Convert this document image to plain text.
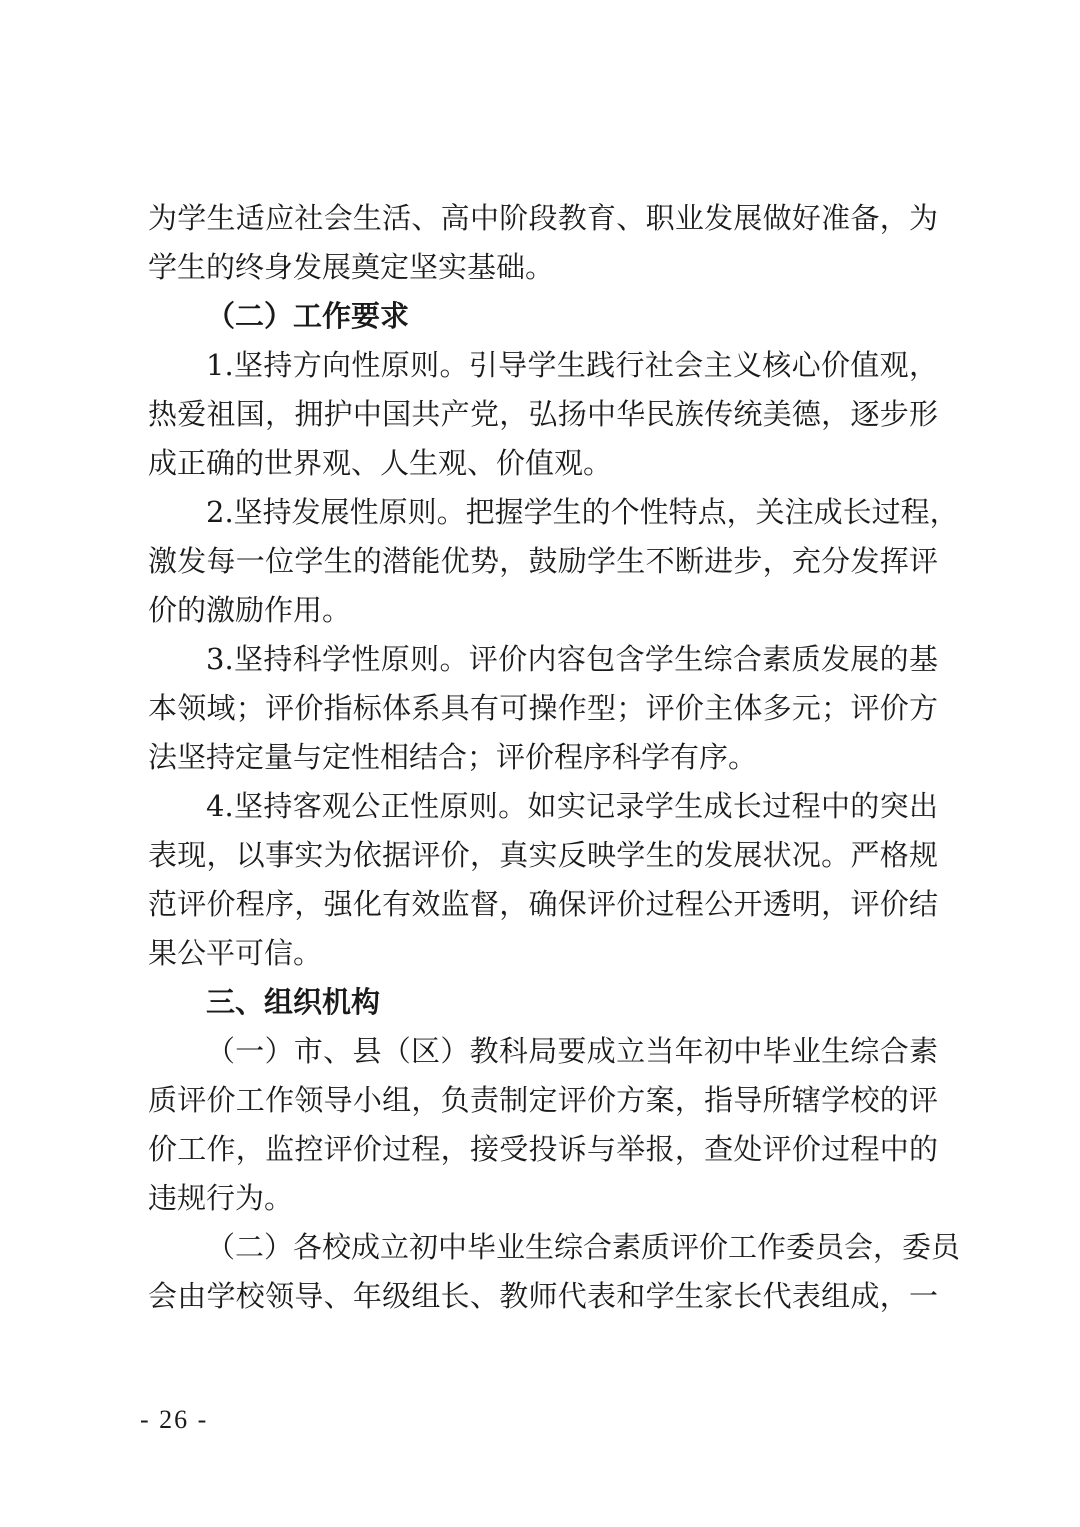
为学生适应社会生活、高中阶段教育、职业发展做好准备，为
学生的终身发展奠定坚实基础。
（二）工作要求
1.坚持方向性原则。引导学生践行社会主义核心价值观，
热爱祖国，拥护中国共产党，弘扬中华民族传统美德，逐步形
成正确的世界观、人生观、价值观。
2.坚持发展性原则。把握学生的个性特点，关注成长过程，
激发每一位学生的潜能优势，鼓励学生不断进步，充分发挥评
价的激励作用。
3.坚持科学性原则。评价内容包含学生综合素质发展的基
本领域；评价指标体系具有可操作型；评价主体多元；评价方
法坚持定量与定性相结合；评价程序科学有序。
4.坚持客观公正性原则。如实记录学生成长过程中的突出
表现，以事实为依据评价，真实反映学生的发展状况。严格规
范评价程序，强化有效监督，确保评价过程公开透明，评价结
果公平可信。
三、组织机构
（一）市、县（区）教科局要成立当年初中毕业生综合素
质评价工作领导小组，负责制定评价方案，指导所辖学校的评
价工作，监控评价过程，接受投诉与举报，查处评价过程中的
违规行为。
（二）各校成立初中毕业生综合素质评价工作委员会，委员
会由学校领导、年级组长、教师代表和学生家长代表组成，一
- 26 -
